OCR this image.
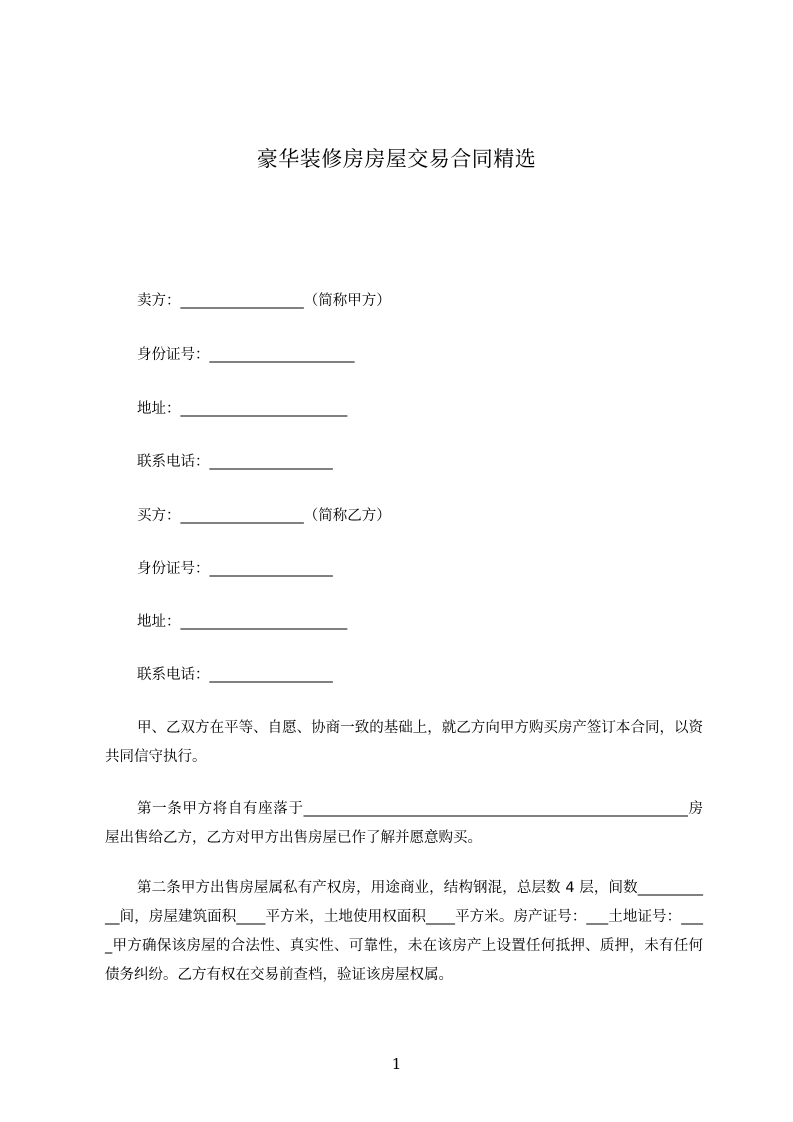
豪华装修房房屋交易合同精选
卖方：_________________（简称甲方）
身份证号：____________________
地址：_______________________
联系电话：_________________
买方：_________________（简称乙方）
身份证号：_________________
地址：_______________________
联系电话：_________________

甲、乙双方在平等、自愿、协商一致的基础上，就乙方向甲方购买房产签订本合同，以资共同信守执行。

第一条甲方将自有座落于_____________________________________________________房屋出售给乙方，乙方对甲方出售房屋已作了解并愿意购买。

第二条甲方出售房屋属私有产权房，用途商业，结构钢混，总层数 4 层，间数___________间，房屋建筑面积____平方米，土地使用权面积____平方米。房产证号：___土地证号：____甲方确保该房屋的合法性、真实性、可靠性，未在该房产上设置任何抵押、质押，未有任何债务纠纷。乙方有权在交易前查档，验证该房屋权属。

1
